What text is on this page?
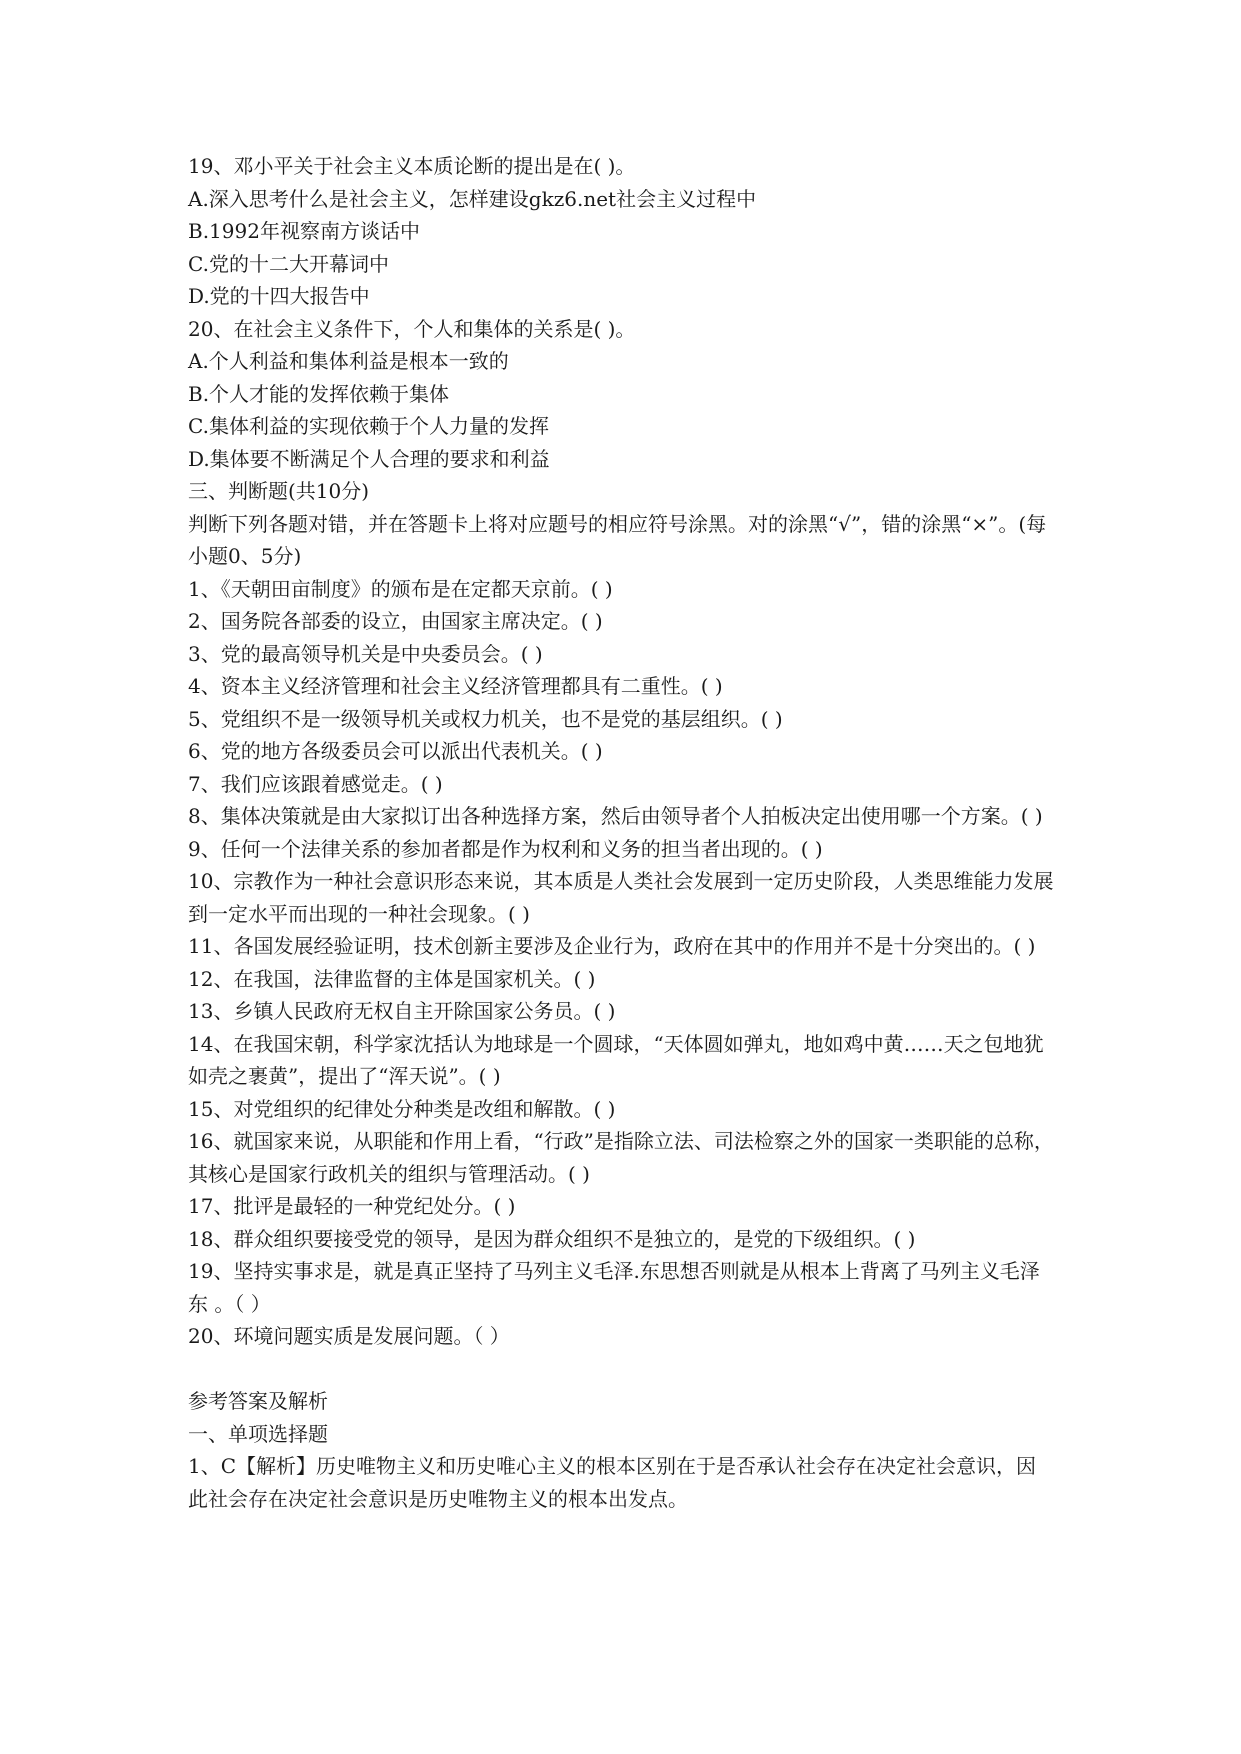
19、邓小平关于社会主义本质论断的提出是在( )。

A.深入思考什么是社会主义，怎样建设gkz6.net社会主义过程中

B.1992年视察南方谈话中

C.党的十二大开幕词中

D.党的十四大报告中

20、在社会主义条件下，个人和集体的关系是( )。

A.个人利益和集体利益是根本一致的

B.个人才能的发挥依赖于集体

C.集体利益的实现依赖于个人力量的发挥

D.集体要不断满足个人合理的要求和利益

三、判断题(共10分)

判断下列各题对错，并在答题卡上将对应题号的相应符号涂黑。对的涂黑“√”，错的涂黑“×”。(每小题0、5分)

1、《天朝田亩制度》的颁布是在定都天京前。( )

2、国务院各部委的设立，由国家主席决定。( )

3、党的最高领导机关是中央委员会。( )

4、资本主义经济管理和社会主义经济管理都具有二重性。( )

5、党组织不是一级领导机关或权力机关，也不是党的基层组织。( )

6、党的地方各级委员会可以派出代表机关。( )

7、我们应该跟着感觉走。( )

8、集体决策就是由大家拟订出各种选择方案，然后由领导者个人拍板决定出使用哪一个方案。( )

9、任何一个法律关系的参加者都是作为权利和义务的担当者出现的。( )

10、宗教作为一种社会意识形态来说，其本质是人类社会发展到一定历史阶段，人类思维能力发展到一定水平而出现的一种社会现象。( )

11、各国发展经验证明，技术创新主要涉及企业行为，政府在其中的作用并不是十分突出的。( )

12、在我国，法律监督的主体是国家机关。( )

13、乡镇人民政府无权自主开除国家公务员。( )

14、在我国宋朝，科学家沈括认为地球是一个圆球，“天体圆如弹丸，地如鸡中黄……天之包地犹如壳之裹黄”，提出了“浑天说”。( )

15、对党组织的纪律处分种类是改组和解散。( )

16、就国家来说，从职能和作用上看，“行政”是指除立法、司法检察之外的国家一类职能的总称，其核心是国家行政机关的组织与管理活动。( )

17、批评是最轻的一种党纪处分。( )

18、群众组织要接受党的领导，是因为群众组织不是独立的，是党的下级组织。( )

19、坚持实事求是，就是真正坚持了马列主义毛泽.东思想否则就是从根本上背离了马列主义毛泽东 。（ ）

20、环境问题实质是发展问题。（ ）

参考答案及解析

一、单项选择题

1、C【解析】历史唯物主义和历史唯心主义的根本区别在于是否承认社会存在决定社会意识，因此社会存在决定社会意识是历史唯物主义的根本出发点。
